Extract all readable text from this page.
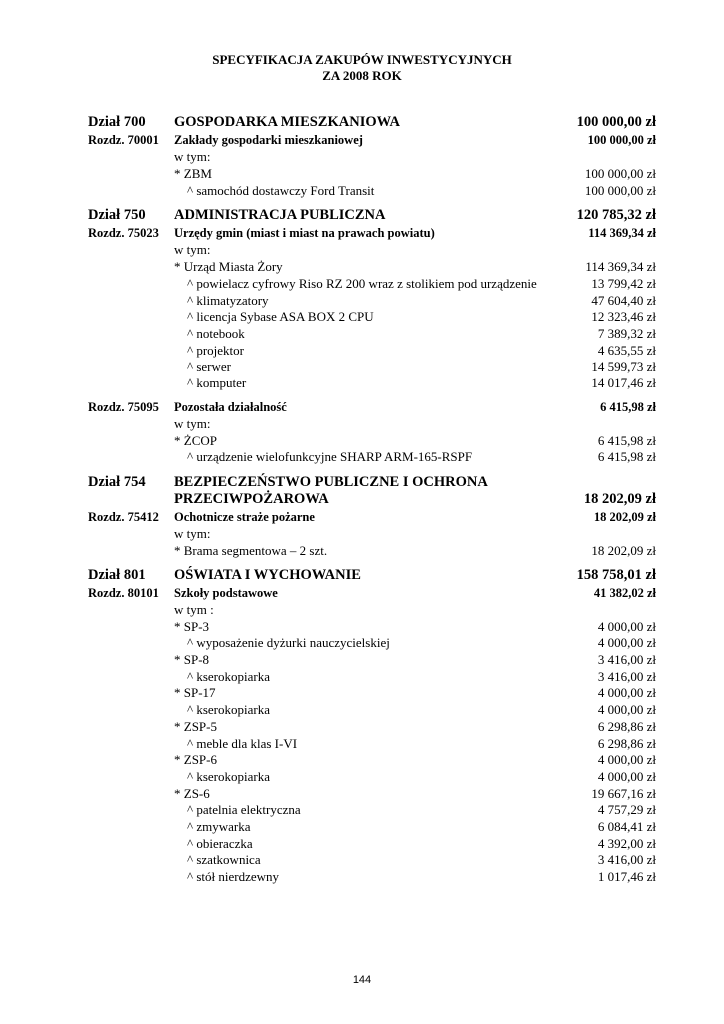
SPECYFIKACJA ZAKUPÓW INWESTYCYJNYCH
ZA 2008 ROK
Dział 700 GOSPODARKA MIESZKANIOWA	100 000,00 zł
Rozdz. 70001 Zakłady gospodarki mieszkaniowej	100 000,00 zł
w tym:
* ZBM	100 000,00 zł
^ samochód dostawczy Ford Transit	100 000,00 zł
Dział 750 ADMINISTRACJA PUBLICZNA	120 785,32 zł
Rozdz. 75023 Urzędy gmin (miast i miast na prawach powiatu)	114 369,34 zł
w tym:
* Urząd Miasta Żory	114 369,34 zł
^ powielacz cyfrowy Riso RZ 200 wraz z stolikiem pod urządzenie	13 799,42 zł
^ klimatyzatory	47 604,40 zł
^ licencja Sybase ASA BOX 2 CPU	12 323,46 zł
^ notebook	7 389,32 zł
^ projektor	4 635,55 zł
^ serwer	14 599,73 zł
^ komputer	14 017,46 zł
Rozdz. 75095 Pozostała działalność	6 415,98 zł
w tym:
* ŻCOP	6 415,98 zł
^ urządzenie wielofunkcyjne SHARP ARM-165-RSPF	6 415,98 zł
Dział 754 BEZPIECZEŃSTWO PUBLICZNE I OCHRONA
PRZECIWPOŻAROWA	18 202,09 zł
Rozdz. 75412 Ochotnicze straże pożarne	18 202,09 zł
w tym:
* Brama segmentowa – 2 szt.	18 202,09 zł
Dział 801 OŚWIATA I WYCHOWANIE	158 758,01 zł
Rozdz. 80101 Szkoły podstawowe	41 382,02 zł
w tym :
* SP-3	4 000,00 zł
^ wyposażenie dyżurki nauczycielskiej	4 000,00 zł
* SP-8	3 416,00 zł
^ kserokopiarka	3 416,00 zł
* SP-17	4 000,00 zł
^ kserokopiarka	4 000,00 zł
* ZSP-5	6 298,86 zł
^ meble dla klas I-VI	6 298,86 zł
* ZSP-6	4 000,00 zł
^ kserokopiarka	4 000,00 zł
* ZS-6	19 667,16 zł
^ patelnia elektryczna	4 757,29 zł
^ zmywarka	6 084,41 zł
^ obieraczka	4 392,00 zł
^ szatkownica	3 416,00 zł
^ stół nierdzewny	1 017,46 zł
144
